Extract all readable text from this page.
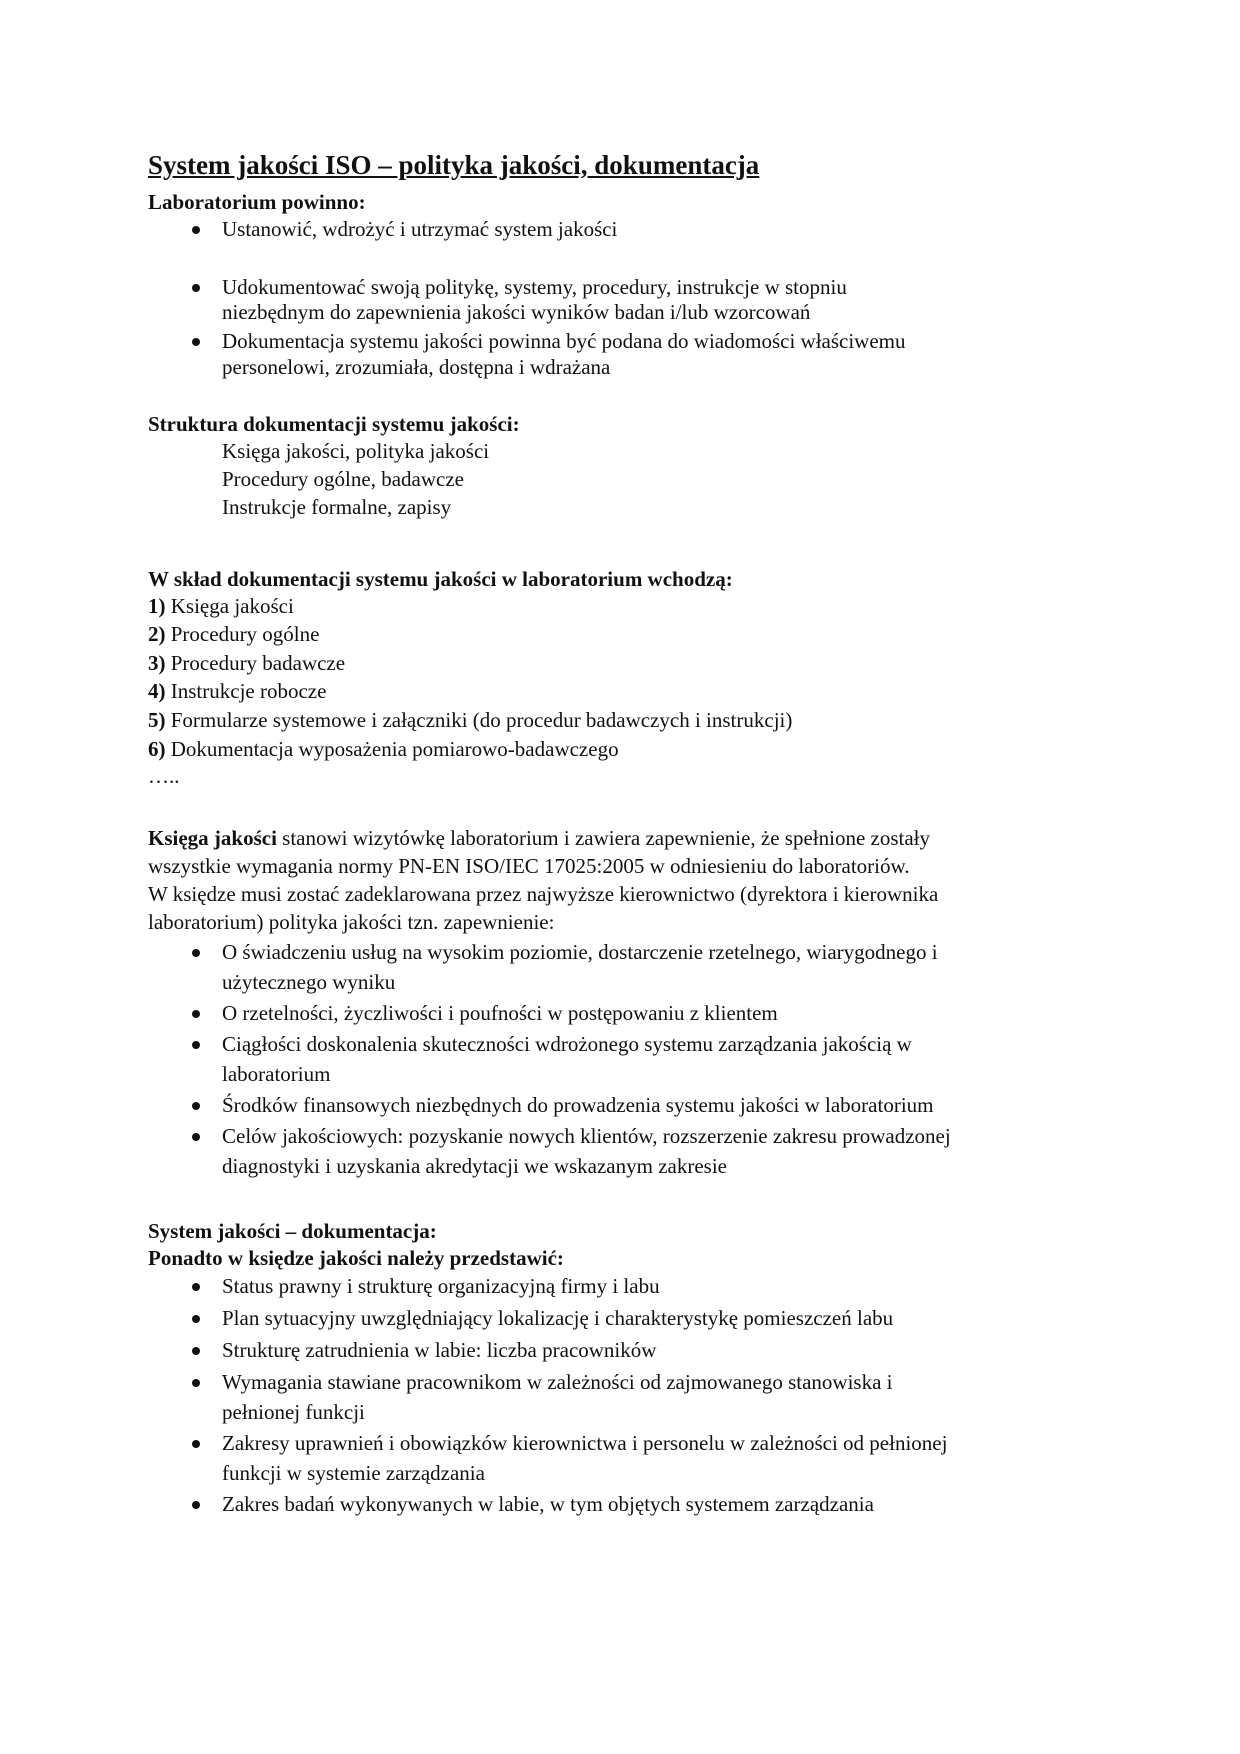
System jakości ISO – polityka jakości, dokumentacja
Laboratorium powinno:
Ustanowić, wdrożyć i utrzymać system jakości
Udokumentować swoją politykę, systemy, procedury, instrukcje w stopniu
niezbędnym do zapewnienia jakości wyników badan i/lub wzorcowań
Dokumentacja systemu jakości powinna być podana do wiadomości właściwemu
personelowi, zrozumiała, dostępna i wdrażana
Struktura dokumentacji systemu jakości:
Księga jakości, polityka jakości
Procedury ogólne, badawcze
Instrukcje formalne, zapisy
W skład dokumentacji systemu jakości w laboratorium wchodzą:
1) Księga jakości
2) Procedury ogólne
3) Procedury badawcze
4) Instrukcje robocze
5) Formularze systemowe i załączniki (do procedur badawczych i instrukcji)
6) Dokumentacja wyposażenia pomiarowo-badawczego
…..
Księga jakości stanowi wizytówkę laboratorium i zawiera zapewnienie, że spełnione zostały
wszystkie wymagania normy PN-EN ISO/IEC 17025:2005 w odniesieniu do laboratoriów.
W księdze musi zostać zadeklarowana przez najwyższe kierownictwo (dyrektora i kierownika
laboratorium) polityka jakości tzn. zapewnienie:
O świadczeniu usług na wysokim poziomie, dostarczenie rzetelnego, wiarygodnego i
użytecznego wyniku
O rzetelności, życzliwości i poufności w postępowaniu z klientem
Ciągłości doskonalenia skuteczności wdrożonego systemu zarządzania jakością w
laboratorium
Środków finansowych niezbędnych do prowadzenia systemu jakości w laboratorium
Celów jakościowych: pozyskanie nowych klientów, rozszerzenie zakresu prowadzonej
diagnostyki i uzyskania akredytacji we wskazanym zakresie
System jakości – dokumentacja:
Ponadto w księdze jakości należy przedstawić:
Status prawny i strukturę organizacyjną firmy i labu
Plan sytuacyjny uwzględniający lokalizację i charakterystykę pomieszczeń labu
Strukturę zatrudnienia w labie: liczba pracowników
Wymagania stawiane pracownikom w zależności od zajmowanego stanowiska i
pełnionej funkcji
Zakresy uprawnień i obowiązków kierownictwa i personelu w zależności od pełnionej
funkcji w systemie zarządzania
Zakres badań wykonywanych w labie, w tym objętych systemem zarządzania
